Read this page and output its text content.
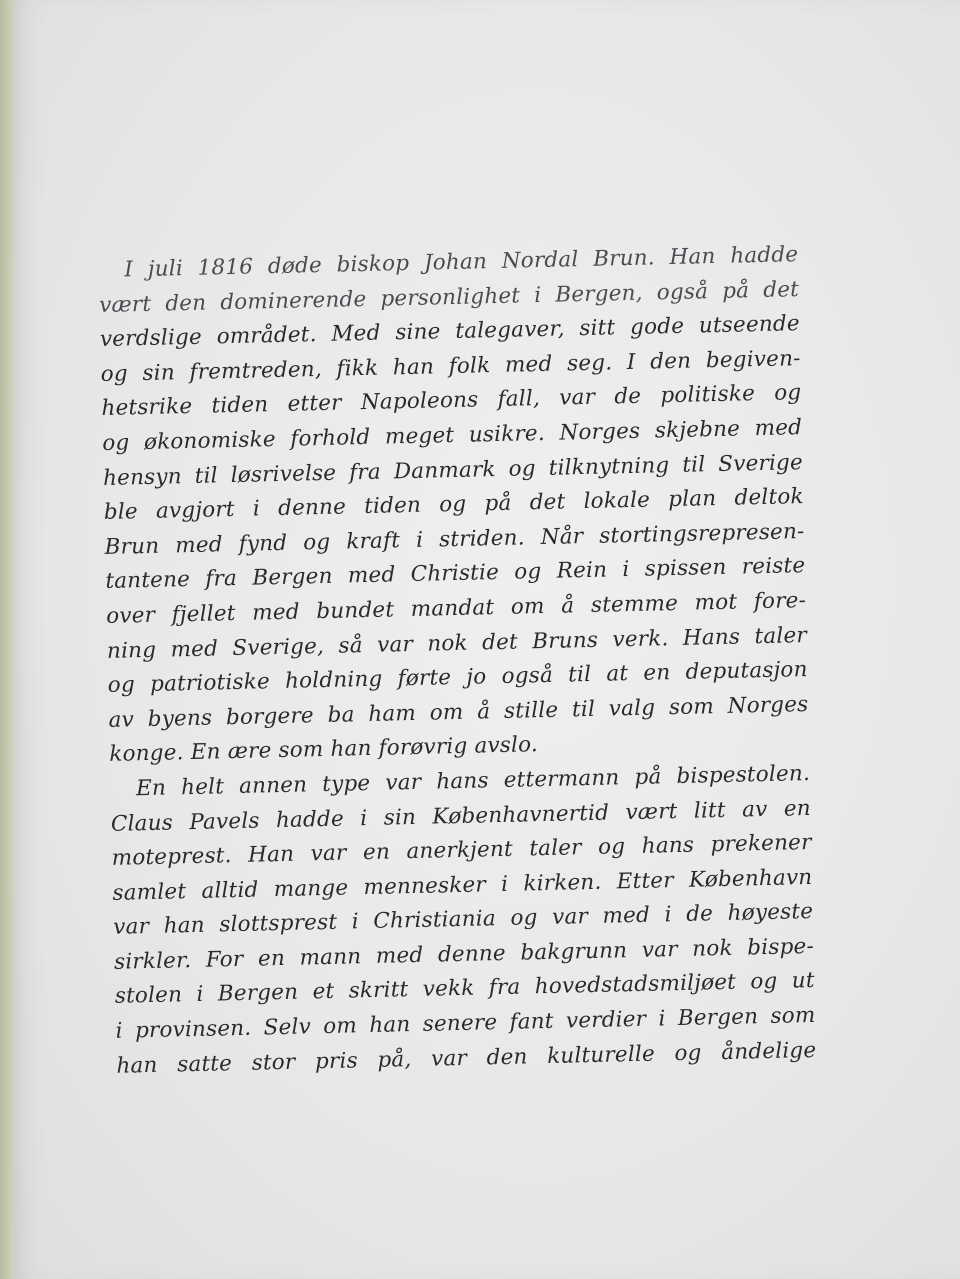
I juli 1816 døde biskop Johan Nordal Brun. Han hadde
vært den dominerende personlighet i Bergen, også på det
verdslige området. Med sine talegaver, sitt gode utseende
og sin fremtreden, fikk han folk med seg. I den begiven-
hetsrike tiden etter Napoleons fall, var de politiske og
og økonomiske forhold meget usikre. Norges skjebne med
hensyn til løsrivelse fra Danmark og tilknytning til Sverige
ble avgjort i denne tiden og på det lokale plan deltok
Brun med fynd og kraft i striden. Når stortingsrepresen-
tantene fra Bergen med Christie og Rein i spissen reiste
over fjellet med bundet mandat om å stemme mot fore-
ning med Sverige, så var nok det Bruns verk. Hans taler
og patriotiske holdning førte jo også til at en deputasjon
av byens borgere ba ham om å stille til valg som Norges
konge. En ære som han forøvrig avslo.
En helt annen type var hans ettermann på bispestolen.
Claus Pavels hadde i sin Københavnertid vært litt av en
moteprest. Han var en anerkjent taler og hans prekener
samlet alltid mange mennesker i kirken. Etter København
var han slottsprest i Christiania og var med i de høyeste
sirkler. For en mann med denne bakgrunn var nok bispe-
stolen i Bergen et skritt vekk fra hovedstadsmiljøet og ut
i provinsen. Selv om han senere fant verdier i Bergen som
han satte stor pris på, var den kulturelle og åndelige
